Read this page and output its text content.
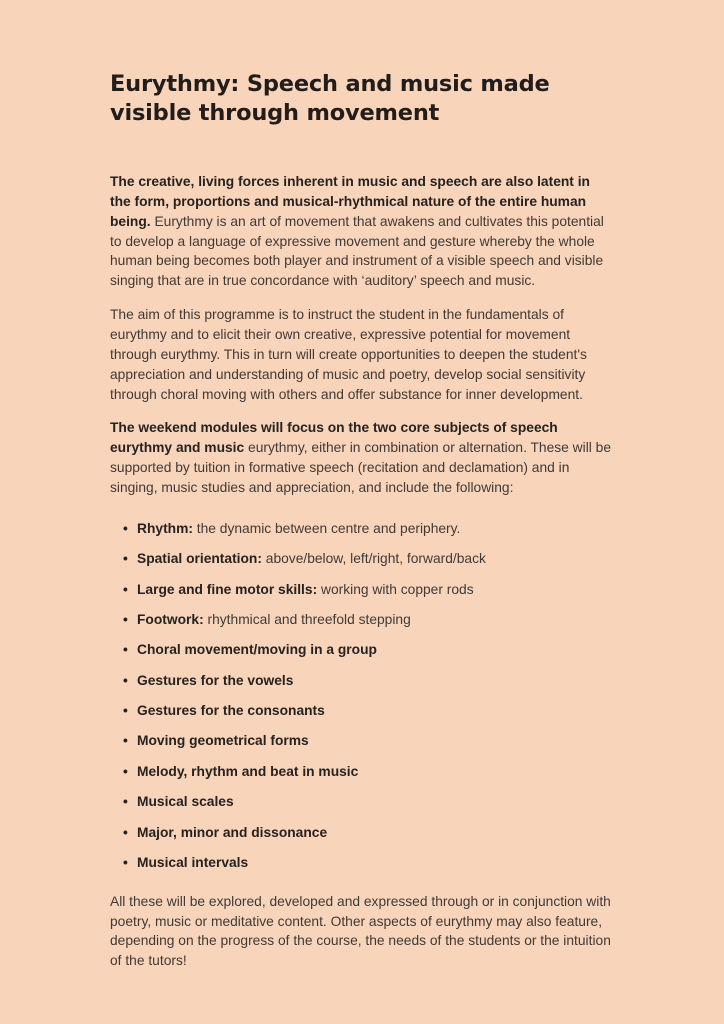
Eurythmy: Speech and music made visible through movement

The creative, living forces inherent in music and speech are also latent in the form, proportions and musical-rhythmical nature of the entire human being. Eurythmy is an art of movement that awakens and cultivates this potential to develop a language of expressive movement and gesture whereby the whole human being becomes both player and instrument of a visible speech and visible singing that are in true concordance with ‘auditory’ speech and music.

The aim of this programme is to instruct the student in the fundamentals of eurythmy and to elicit their own creative, expressive potential for movement through eurythmy. This in turn will create opportunities to deepen the student's appreciation and understanding of music and poetry, develop social sensitivity through choral moving with others and offer substance for inner development.

The weekend modules will focus on the two core subjects of speech eurythmy and music eurythmy, either in combination or alternation. These will be supported by tuition in formative speech (recitation and declamation) and in singing, music studies and appreciation, and include the following:

• Rhythm: the dynamic between centre and periphery.
• Spatial orientation: above/below, left/right, forward/back
• Large and fine motor skills: working with copper rods
• Footwork: rhythmical and threefold stepping
• Choral movement/moving in a group
• Gestures for the vowels
• Gestures for the consonants
• Moving geometrical forms
• Melody, rhythm and beat in music
• Musical scales
• Major, minor and dissonance
• Musical intervals

All these will be explored, developed and expressed through or in conjunction with poetry, music or meditative content. Other aspects of eurythmy may also feature, depending on the progress of the course, the needs of the students or the intuition of the tutors!
